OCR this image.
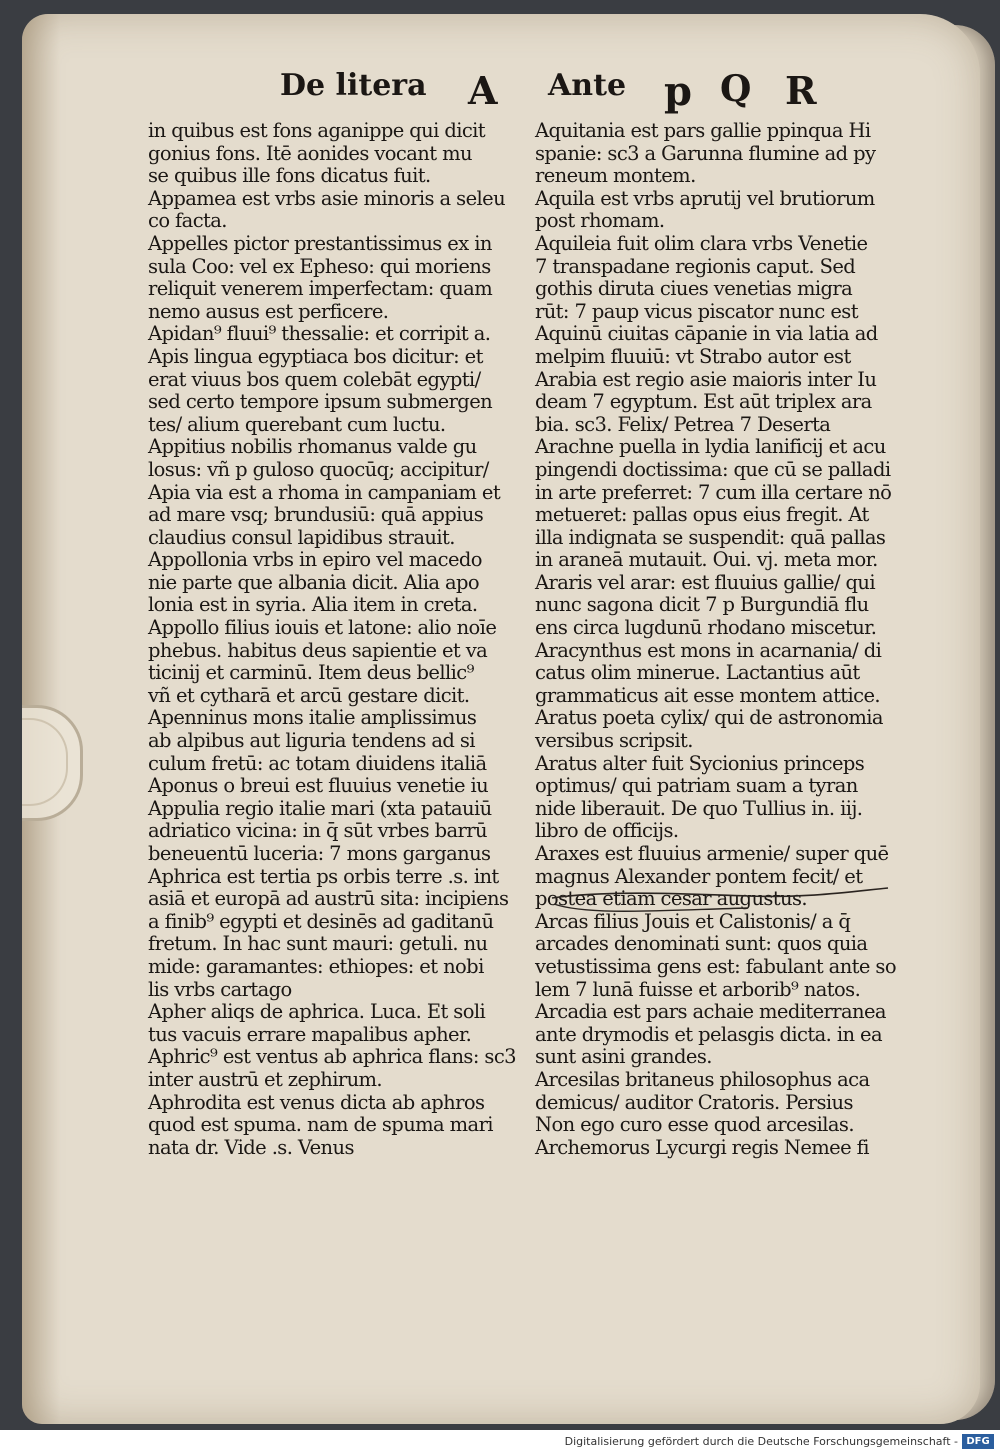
De litera A Ante p Q R
in quibus est fons aganippe qui dicit
gonius fons. Itē aonides vocant mu
se quibus ille fons dicatus fuit.
Appamea est vrbs asie minoris a seleu
co facta.
Appelles pictor prestantissimus ex in
sula Coo: vel ex Epheso: qui moriens
reliquit venerem imperfectam: quam
nemo ausus est perficere.
Apidan⁹ fluui⁹ thessalie: et corripit a.
Apis lingua egyptiaca bos dicitur: et
erat viuus bos quem colebāt egypti/
sed certo tempore ipsum submergen
tes/ alium querebant cum luctu.
Appitius nobilis rhomanus valde gu
losus: vñ p guloso quocūq; accipitur/
Apia via est a rhoma in campaniam et
ad mare vsq; brundusiū: quā appius
claudius consul lapidibus strauit.
Appollonia vrbs in epiro vel macedo
nie parte que albania dicit. Alia apo
lonia est in syria. Alia item in creta.
Appollo filius iouis et latone: alio noīe
phebus. habitus deus sapientie et va
ticinij et carminū. Item deus bellic⁹
vñ et cytharā et arcū gestare dicit.
Apenninus mons italie amplissimus
ab alpibus aut liguria tendens ad si
culum fretū: ac totam diuidens italiā
Aponus o breui est fluuius venetie iu
Appulia regio italie mari (xta patauiū
adriatico vicina: in q̄ sūt vrbes barrū
beneuentū luceria: 7 mons garganus
Aphrica est tertia ps orbis terre .s. int
asiā et europā ad austrū sita: incipiens
a finib⁹ egypti et desinēs ad gaditanū
fretum. In hac sunt mauri: getuli. nu
mide: garamantes: ethiopes: et nobi
lis vrbs cartago
Apher aliqs de aphrica. Luca. Et soli
tus vacuis errare mapalibus apher.
Aphric⁹ est ventus ab aphrica flans: sc3
inter austrū et zephirum.
Aphrodita est venus dicta ab aphros
quod est spuma. nam de spuma mari
nata dr. Vide .s. Venus
Aquitania est pars gallie ppinqua Hi
spanie: sc3 a Garunna flumine ad py
reneum montem.
Aquila est vrbs aprutij vel brutiorum
post rhomam.
Aquileia fuit olim clara vrbs Venetie
7 transpadane regionis caput. Sed
gothis diruta ciues venetias migra
rūt: 7 paup vicus piscator nunc est
Aquinū ciuitas cāpanie in via latia ad
melpim fluuiū: vt Strabo autor est
Arabia est regio asie maioris inter Iu
deam 7 egyptum. Est aūt triplex ara
bia. sc3. Felix/ Petrea 7 Deserta
Arachne puella in lydia lanificij et acu
pingendi doctissima: que cū se palladi
in arte preferret: 7 cum illa certare nō
metueret: pallas opus eius fregit. At
illa indignata se suspendit: quā pallas
in araneā mutauit. Oui. vj. meta mor.
Araris vel arar: est fluuius gallie/ qui
nunc sagona dicit 7 p Burgundiā flu
ens circa lugdunū rhodano miscetur.
Aracynthus est mons in acarnania/ di
catus olim minerue. Lactantius aūt
grammaticus ait esse montem attice.
Aratus poeta cylix/ qui de astronomia
versibus scripsit.
Aratus alter fuit Sycionius princeps
optimus/ qui patriam suam a tyran
nide liberauit. De quo Tullius in. iij.
libro de officijs.
Araxes est fluuius armenie/ super quē
magnus Alexander pontem fecit/ et
postea etiam cesar augustus.
Arcas filius Jouis et Calistonis/ a q̄
arcades denominati sunt: quos quia
vetustissima gens est: fabulant ante so
lem 7 lunā fuisse et arborib⁹ natos.
Arcadia est pars achaie mediterranea
ante drymodis et pelasgis dicta. in ea
sunt asini grandes.
Arcesilas britaneus philosophus aca
demicus/ auditor Cratoris. Persius
Non ego curo esse quod arcesilas.
Archemorus Lycurgi regis Nemee fi
Digitalisierung gefördert durch die Deutsche Forschungsgemeinschaft - DFG
